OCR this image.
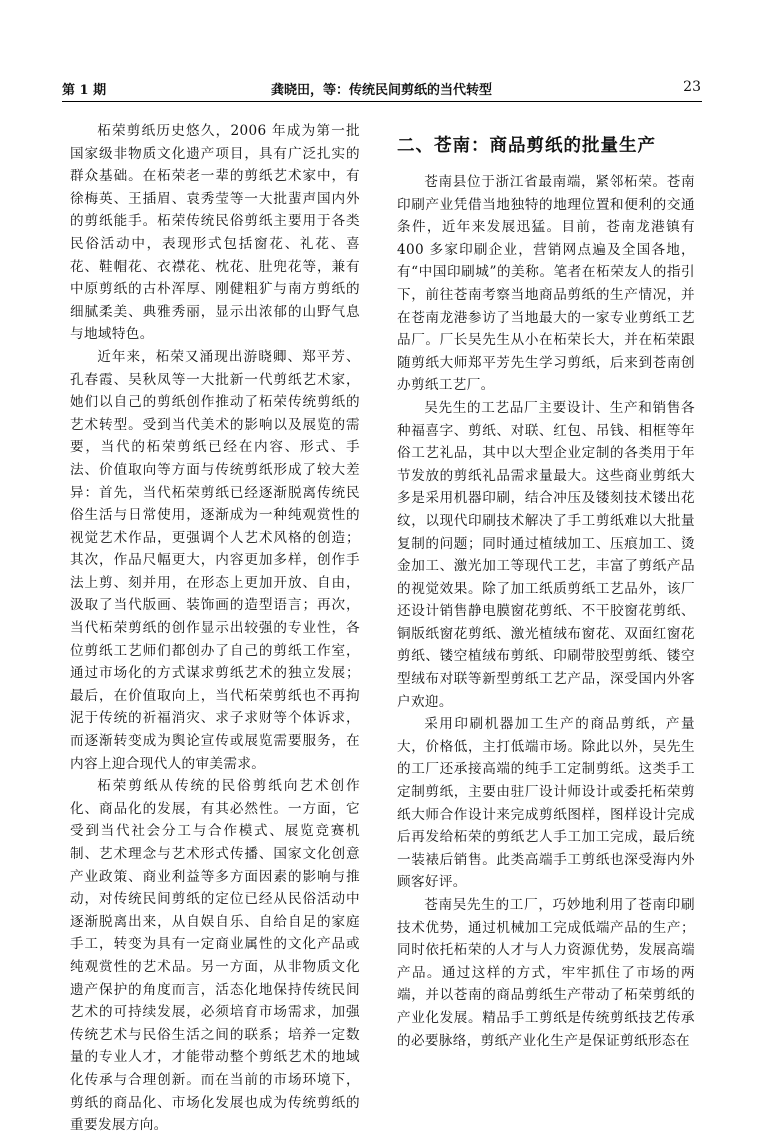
第 1 期	龚晓田，等：传统民间剪纸的当代转型	23

柘荣剪纸历史悠久，2006 年成为第一批国家级非物质文化遗产项目，具有广泛扎实的群众基础。在柘荣老一辈的剪纸艺术家中，有徐梅英、王插眉、袁秀莹等一大批蜚声国内外的剪纸能手。柘荣传统民俗剪纸主要用于各类民俗活动中，表现形式包括窗花、礼花、喜花、鞋帽花、衣襟花、枕花、肚兜花等，兼有中原剪纸的古朴浑厚、刚健粗犷与南方剪纸的细腻柔美、典雅秀丽，显示出浓郁的山野气息与地域特色。

近年来，柘荣又涌现出游晓卿、郑平芳、孔春霞、吴秋凤等一大批新一代剪纸艺术家，她们以自己的剪纸创作推动了柘荣传统剪纸的艺术转型。受到当代美术的影响以及展览的需要，当代的柘荣剪纸已经在内容、形式、手法、价值取向等方面与传统剪纸形成了较大差异：首先，当代柘荣剪纸已经逐渐脱离传统民俗生活与日常使用，逐渐成为一种纯观赏性的视觉艺术作品，更强调个人艺术风格的创造；其次，作品尺幅更大，内容更加多样，创作手法上剪、刻并用，在形态上更加开放、自由，汲取了当代版画、装饰画的造型语言；再次，当代柘荣剪纸的创作显示出较强的专业性，各位剪纸工艺师们都创办了自己的剪纸工作室，通过市场化的方式谋求剪纸艺术的独立发展；最后，在价值取向上，当代柘荣剪纸也不再拘泥于传统的祈福消灾、求子求财等个体诉求，而逐渐转变成为舆论宣传或展览需要服务，在内容上迎合现代人的审美需求。

柘荣剪纸从传统的民俗剪纸向艺术创作化、商品化的发展，有其必然性。一方面，它受到当代社会分工与合作模式、展览竞赛机制、艺术理念与艺术形式传播、国家文化创意产业政策、商业利益等多方面因素的影响与推动，对传统民间剪纸的定位已经从民俗活动中逐渐脱离出来，从自娱自乐、自给自足的家庭手工，转变为具有一定商业属性的文化产品或纯观赏性的艺术品。另一方面，从非物质文化遗产保护的角度而言，活态化地保持传统民间艺术的可持续发展，必须培育市场需求，加强传统艺术与民俗生活之间的联系；培养一定数量的专业人才，才能带动整个剪纸艺术的地域化传承与合理创新。而在当前的市场环境下，剪纸的商品化、市场化发展也成为传统剪纸的重要发展方向。

二、苍南：商品剪纸的批量生产

苍南县位于浙江省最南端，紧邻柘荣。苍南印刷产业凭借当地独特的地理位置和便利的交通条件，近年来发展迅猛。目前，苍南龙港镇有 400 多家印刷企业，营销网点遍及全国各地，有“中国印刷城”的美称。笔者在柘荣友人的指引下，前往苍南考察当地商品剪纸的生产情况，并在苍南龙港参访了当地最大的一家专业剪纸工艺品厂。厂长吴先生从小在柘荣长大，并在柘荣跟随剪纸大师郑平芳先生学习剪纸，后来到苍南创办剪纸工艺厂。

吴先生的工艺品厂主要设计、生产和销售各种福喜字、剪纸、对联、红包、吊钱、相框等年俗工艺礼品，其中以大型企业定制的各类用于年节发放的剪纸礼品需求量最大。这些商业剪纸大多是采用机器印刷，结合冲压及镂刻技术镂出花纹，以现代印刷技术解决了手工剪纸难以大批量复制的问题；同时通过植绒加工、压痕加工、烫金加工、激光加工等现代工艺，丰富了剪纸产品的视觉效果。除了加工纸质剪纸工艺品外，该厂还设计销售静电膜窗花剪纸、不干胶窗花剪纸、铜版纸窗花剪纸、激光植绒布窗花、双面红窗花剪纸、镂空植绒布剪纸、印刷带胶型剪纸、镂空型绒布对联等新型剪纸工艺产品，深受国内外客户欢迎。

采用印刷机器加工生产的商品剪纸，产量大，价格低，主打低端市场。除此以外，吴先生的工厂还承接高端的纯手工定制剪纸。这类手工定制剪纸，主要由驻厂设计师设计或委托柘荣剪纸大师合作设计来完成剪纸图样，图样设计完成后再发给柘荣的剪纸艺人手工加工完成，最后统一装裱后销售。此类高端手工剪纸也深受海内外顾客好评。

苍南吴先生的工厂，巧妙地利用了苍南印刷技术优势，通过机械加工完成低端产品的生产；同时依托柘荣的人才与人力资源优势，发展高端产品。通过这样的方式，牢牢抓住了市场的两端，并以苍南的商品剪纸生产带动了柘荣剪纸的产业化发展。精品手工剪纸是传统剪纸技艺传承的必要脉络，剪纸产业化生产是保证剪纸形态在
